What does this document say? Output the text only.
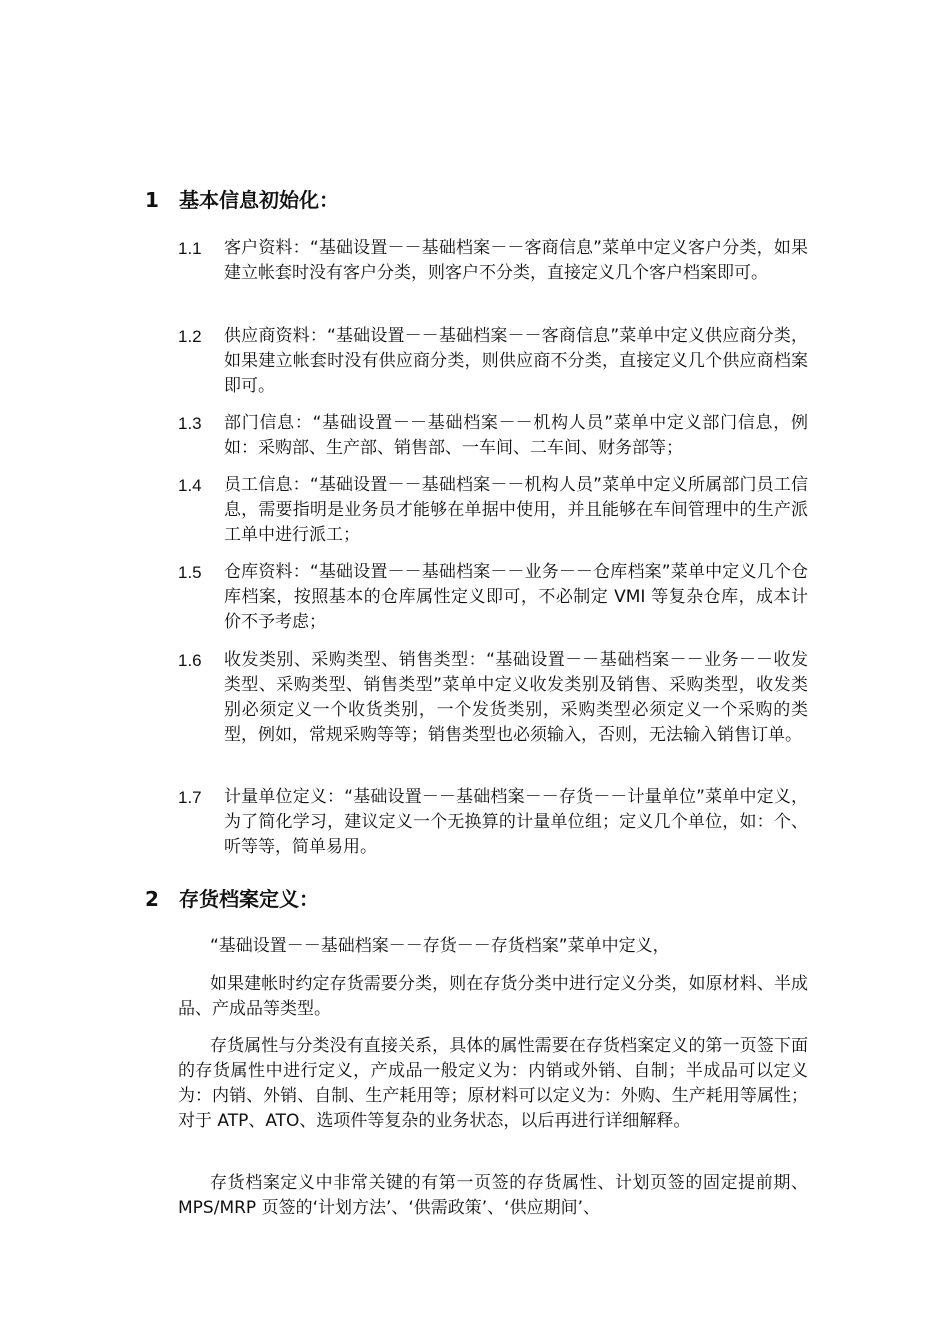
1 基本信息初始化：
1.1	客户资料：“基础设置－－基础档案－－客商信息”菜单中定义客户分类，如果建立帐套时没有客户分类，则客户不分类，直接定义几个客户档案即可。
1.2	供应商资料：“基础设置－－基础档案－－客商信息”菜单中定义供应商分类，如果建立帐套时没有供应商分类，则供应商不分类，直接定义几个供应商档案即可。
1.3	部门信息：“基础设置－－基础档案－－机构人员”菜单中定义部门信息，例如：采购部、生产部、销售部、一车间、二车间、财务部等；
1.4	员工信息：“基础设置－－基础档案－－机构人员”菜单中定义所属部门员工信息，需要指明是业务员才能够在单据中使用，并且能够在车间管理中的生产派工单中进行派工；
1.5	仓库资料：“基础设置－－基础档案－－业务－－仓库档案”菜单中定义几个仓库档案，按照基本的仓库属性定义即可，不必制定 VMI 等复杂仓库，成本计价不予考虑；
1.6	收发类别、采购类型、销售类型：“基础设置－－基础档案－－业务－－收发类型、采购类型、销售类型”菜单中定义收发类别及销售、采购类型，收发类别必须定义一个收货类别，一个发货类别，采购类型必须定义一个采购的类型，例如，常规采购等等；销售类型也必须输入，否则，无法输入销售订单。
1.7	计量单位定义：“基础设置－－基础档案－－存货－－计量单位”菜单中定义，为了简化学习，建议定义一个无换算的计量单位组；定义几个单位，如：个、听等等，简单易用。
2 存货档案定义：
“基础设置－－基础档案－－存货－－存货档案”菜单中定义，
如果建帐时约定存货需要分类，则在存货分类中进行定义分类，如原材料、半成品、产成品等类型。
存货属性与分类没有直接关系，具体的属性需要在存货档案定义的第一页签下面的存货属性中进行定义，产成品一般定义为：内销或外销、自制；半成品可以定义为：内销、外销、自制、生产耗用等；原材料可以定义为：外购、生产耗用等属性；对于 ATP、ATO、选项件等复杂的业务状态，以后再进行详细解释。
存货档案定义中非常关键的有第一页签的存货属性、计划页签的固定提前期、MPS/MRP 页签的‘计划方法’、‘供需政策’、‘供应期间’、
